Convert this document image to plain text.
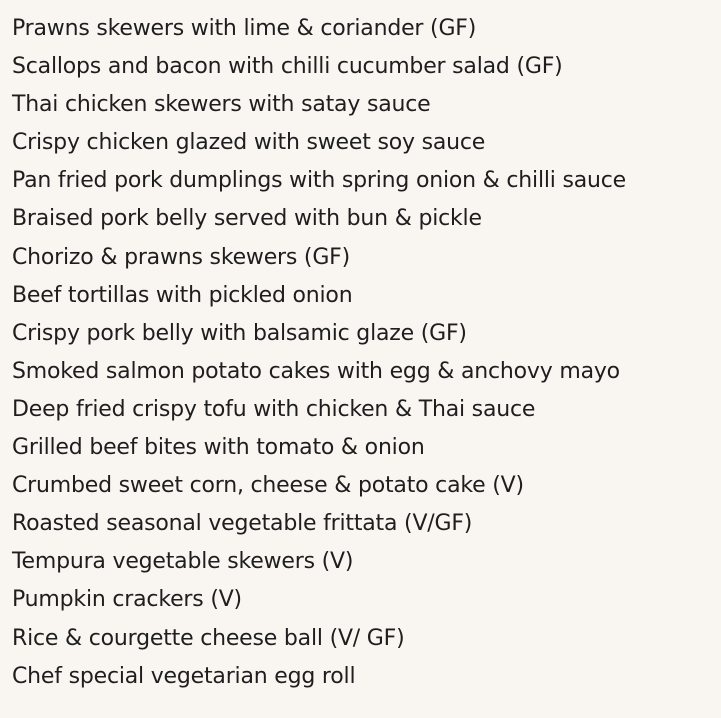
Prawns skewers with lime & coriander (GF)
Scallops and bacon with chilli cucumber salad (GF)
Thai chicken skewers with satay sauce
Crispy chicken glazed with sweet soy sauce
Pan fried pork dumplings with spring onion & chilli sauce
Braised pork belly served with bun & pickle
Chorizo & prawns skewers (GF)
Beef tortillas with pickled onion
Crispy pork belly with balsamic glaze (GF)
Smoked salmon potato cakes with egg & anchovy mayo
Deep fried crispy tofu with chicken & Thai sauce
Grilled beef bites with tomato & onion
Crumbed sweet corn, cheese & potato cake (V)
Roasted seasonal vegetable frittata (V/GF)
Tempura vegetable skewers (V)
Pumpkin crackers (V)
Rice & courgette cheese ball (V/ GF)
Chef special vegetarian egg roll
